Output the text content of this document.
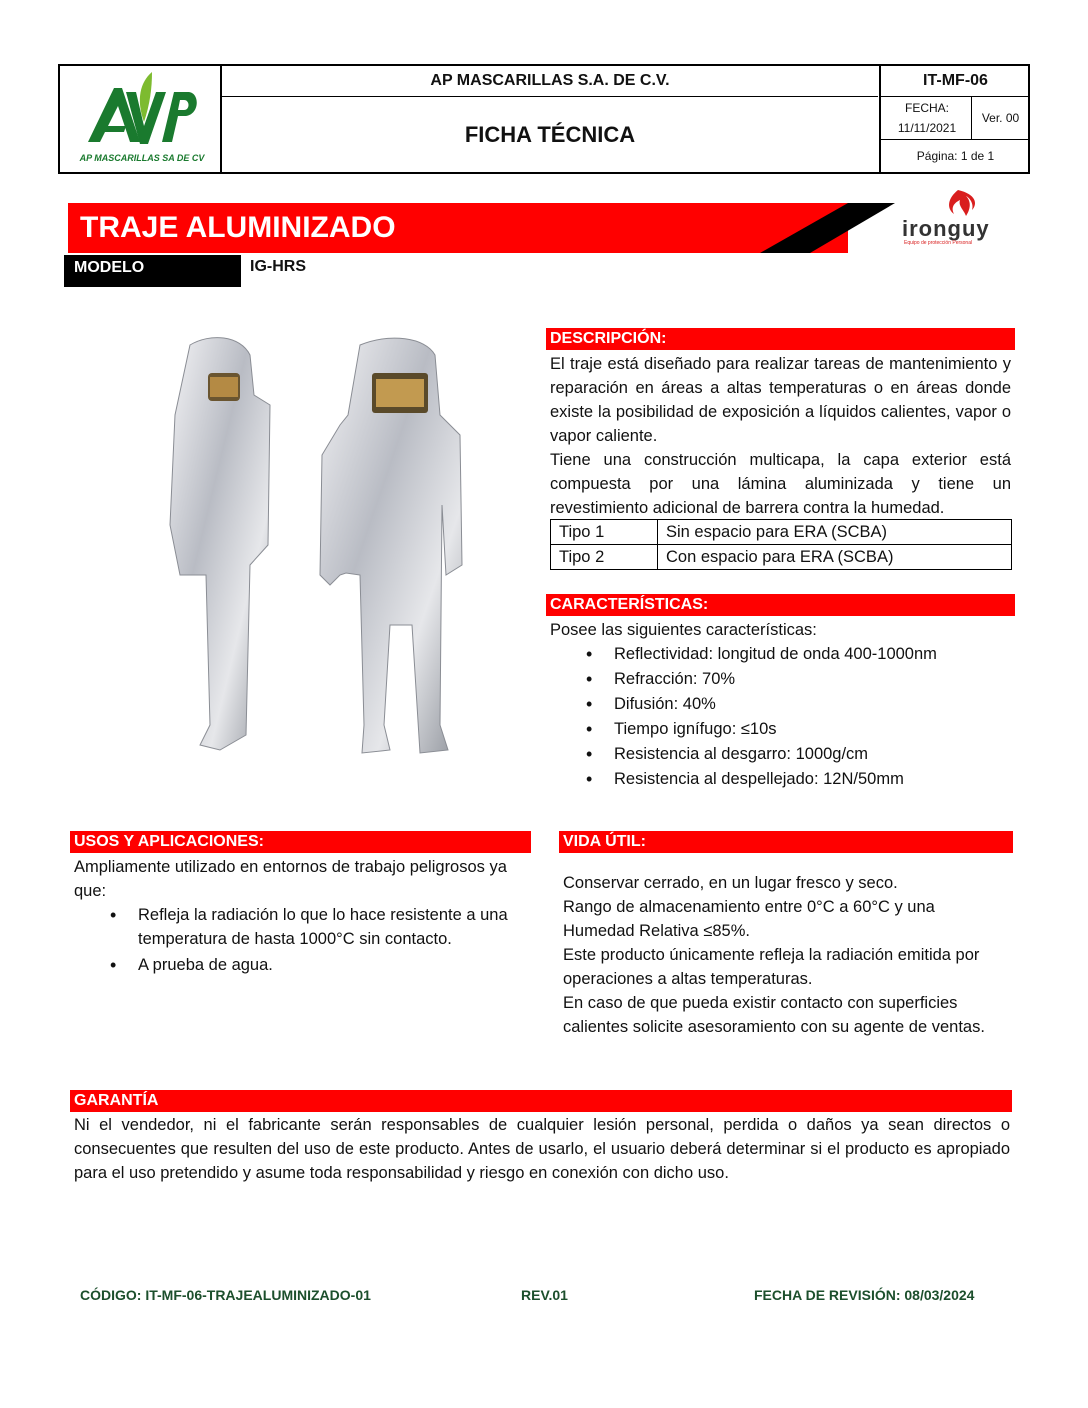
AP MASCARILLAS SA DE CV
AP MASCARILLAS S.A. DE C.V.	IT-MF-06
FICHA TÉCNICA
FECHA:
11/11/2021
Ver. 00
Página: 1 de 1
TRAJE ALUMINIZADO	ironguy
Equipo de protección Personal
MODELO	IG-HRS
DESCRIPCIÓN:
El traje está diseñado para realizar tareas de mantenimiento y reparación en áreas a altas temperaturas o en áreas donde existe la posibilidad de exposición a líquidos calientes, vapor o vapor caliente.
Tiene una construcción multicapa, la capa exterior está compuesta por una lámina aluminizada y tiene un revestimiento adicional de barrera contra la humedad.
Tipo 1	Sin espacio para ERA (SCBA)
Tipo 2	Con espacio para ERA (SCBA)
CARACTERÍSTICAS:
Posee las siguientes características:
• Reflectividad: longitud de onda 400-1000nm
• Refracción: 70%
• Difusión: 40%
• Tiempo ignífugo: ≤10s
• Resistencia al desgarro: 1000g/cm
• Resistencia al despellejado: 12N/50mm
USOS Y APLICACIONES:
Ampliamente utilizado en entornos de trabajo peligrosos ya que:
• Refleja la radiación lo que lo hace resistente a una temperatura de hasta 1000°C sin contacto.
• A prueba de agua.
VIDA ÚTIL:
Conservar cerrado, en un lugar fresco y seco.
Rango de almacenamiento entre 0°C a 60°C y una Humedad Relativa ≤85%.
Este producto únicamente refleja la radiación emitida por operaciones a altas temperaturas.
En caso de que pueda existir contacto con superficies calientes solicite asesoramiento con su agente de ventas.
GARANTÍA
Ni el vendedor, ni el fabricante serán responsables de cualquier lesión personal, perdida o daños ya sean directos o consecuentes que resulten del uso de este producto. Antes de usarlo, el usuario deberá determinar si el producto es apropiado para el uso pretendido y asume toda responsabilidad y riesgo en conexión con dicho uso.
CÓDIGO: IT-MF-06-TRAJEALUMINIZADO-01	REV.01	FECHA DE REVISIÓN: 08/03/2024
